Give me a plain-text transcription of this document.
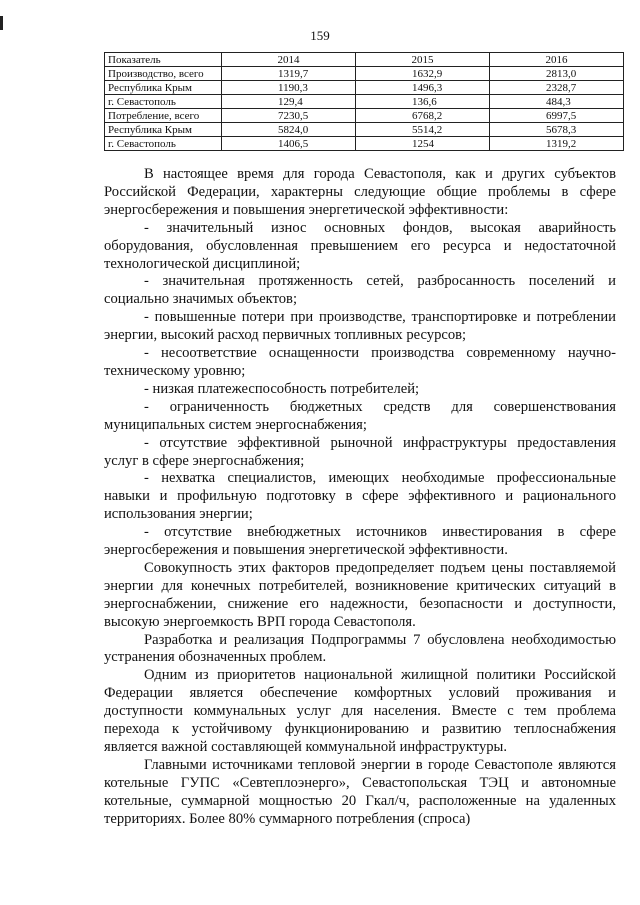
159
Показатель	2014	2015	2016
Производство, всего	1319,7	1632,9	2813,0
Республика Крым	1190,3	1496,3	2328,7
г. Севастополь	129,4	136,6	484,3
Потребление, всего	7230,5	6768,2	6997,5
Республика Крым	5824,0	5514,2	5678,3
г. Севастополь	1406,5	1254	1319,2

В настоящее время для города Севастополя, как и других субъектов Российской Федерации, характерны следующие общие проблемы в сфере энергосбережения и повышения энергетической эффективности:

- значительный износ основных фондов, высокая аварийность оборудования, обусловленная превышением его ресурса и недостаточной технологической дисциплиной;

- значительная протяженность сетей, разбросанность поселений и социально значимых объектов;

- повышенные потери при производстве, транспортировке и потреблении энергии, высокий расход первичных топливных ресурсов;

- несоответствие оснащенности производства современному научно-техническому уровню;

- низкая платежеспособность потребителей;

- ограниченность бюджетных средств для совершенствования муниципальных систем энергоснабжения;

- отсутствие эффективной рыночной инфраструктуры предоставления услуг в сфере энергоснабжения;

- нехватка специалистов, имеющих необходимые профессиональные навыки и профильную подготовку в сфере эффективного и рационального использования энергии;

- отсутствие внебюджетных источников инвестирования в сфере энергосбережения и повышения энергетической эффективности.

Совокупность этих факторов предопределяет подъем цены поставляемой энергии для конечных потребителей, возникновение критических ситуаций в энергоснабжении, снижение его надежности, безопасности и доступности, высокую энергоемкость ВРП города Севастополя.

Разработка и реализация Подпрограммы 7 обусловлена необходимостью устранения обозначенных проблем.

Одним из приоритетов национальной жилищной политики Российской Федерации является обеспечение комфортных условий проживания и доступности коммунальных услуг для населения. Вместе с тем проблема перехода к устойчивому функционированию и развитию теплоснабжения является важной составляющей коммунальной инфраструктуры.

Главными источниками тепловой энергии в городе Севастополе являются котельные ГУПС «Севтеплоэнерго», Севастопольская ТЭЦ и автономные котельные, суммарной мощностью 20 Гкал/ч, расположенные на удаленных территориях. Более 80% суммарного потребления (спроса)
